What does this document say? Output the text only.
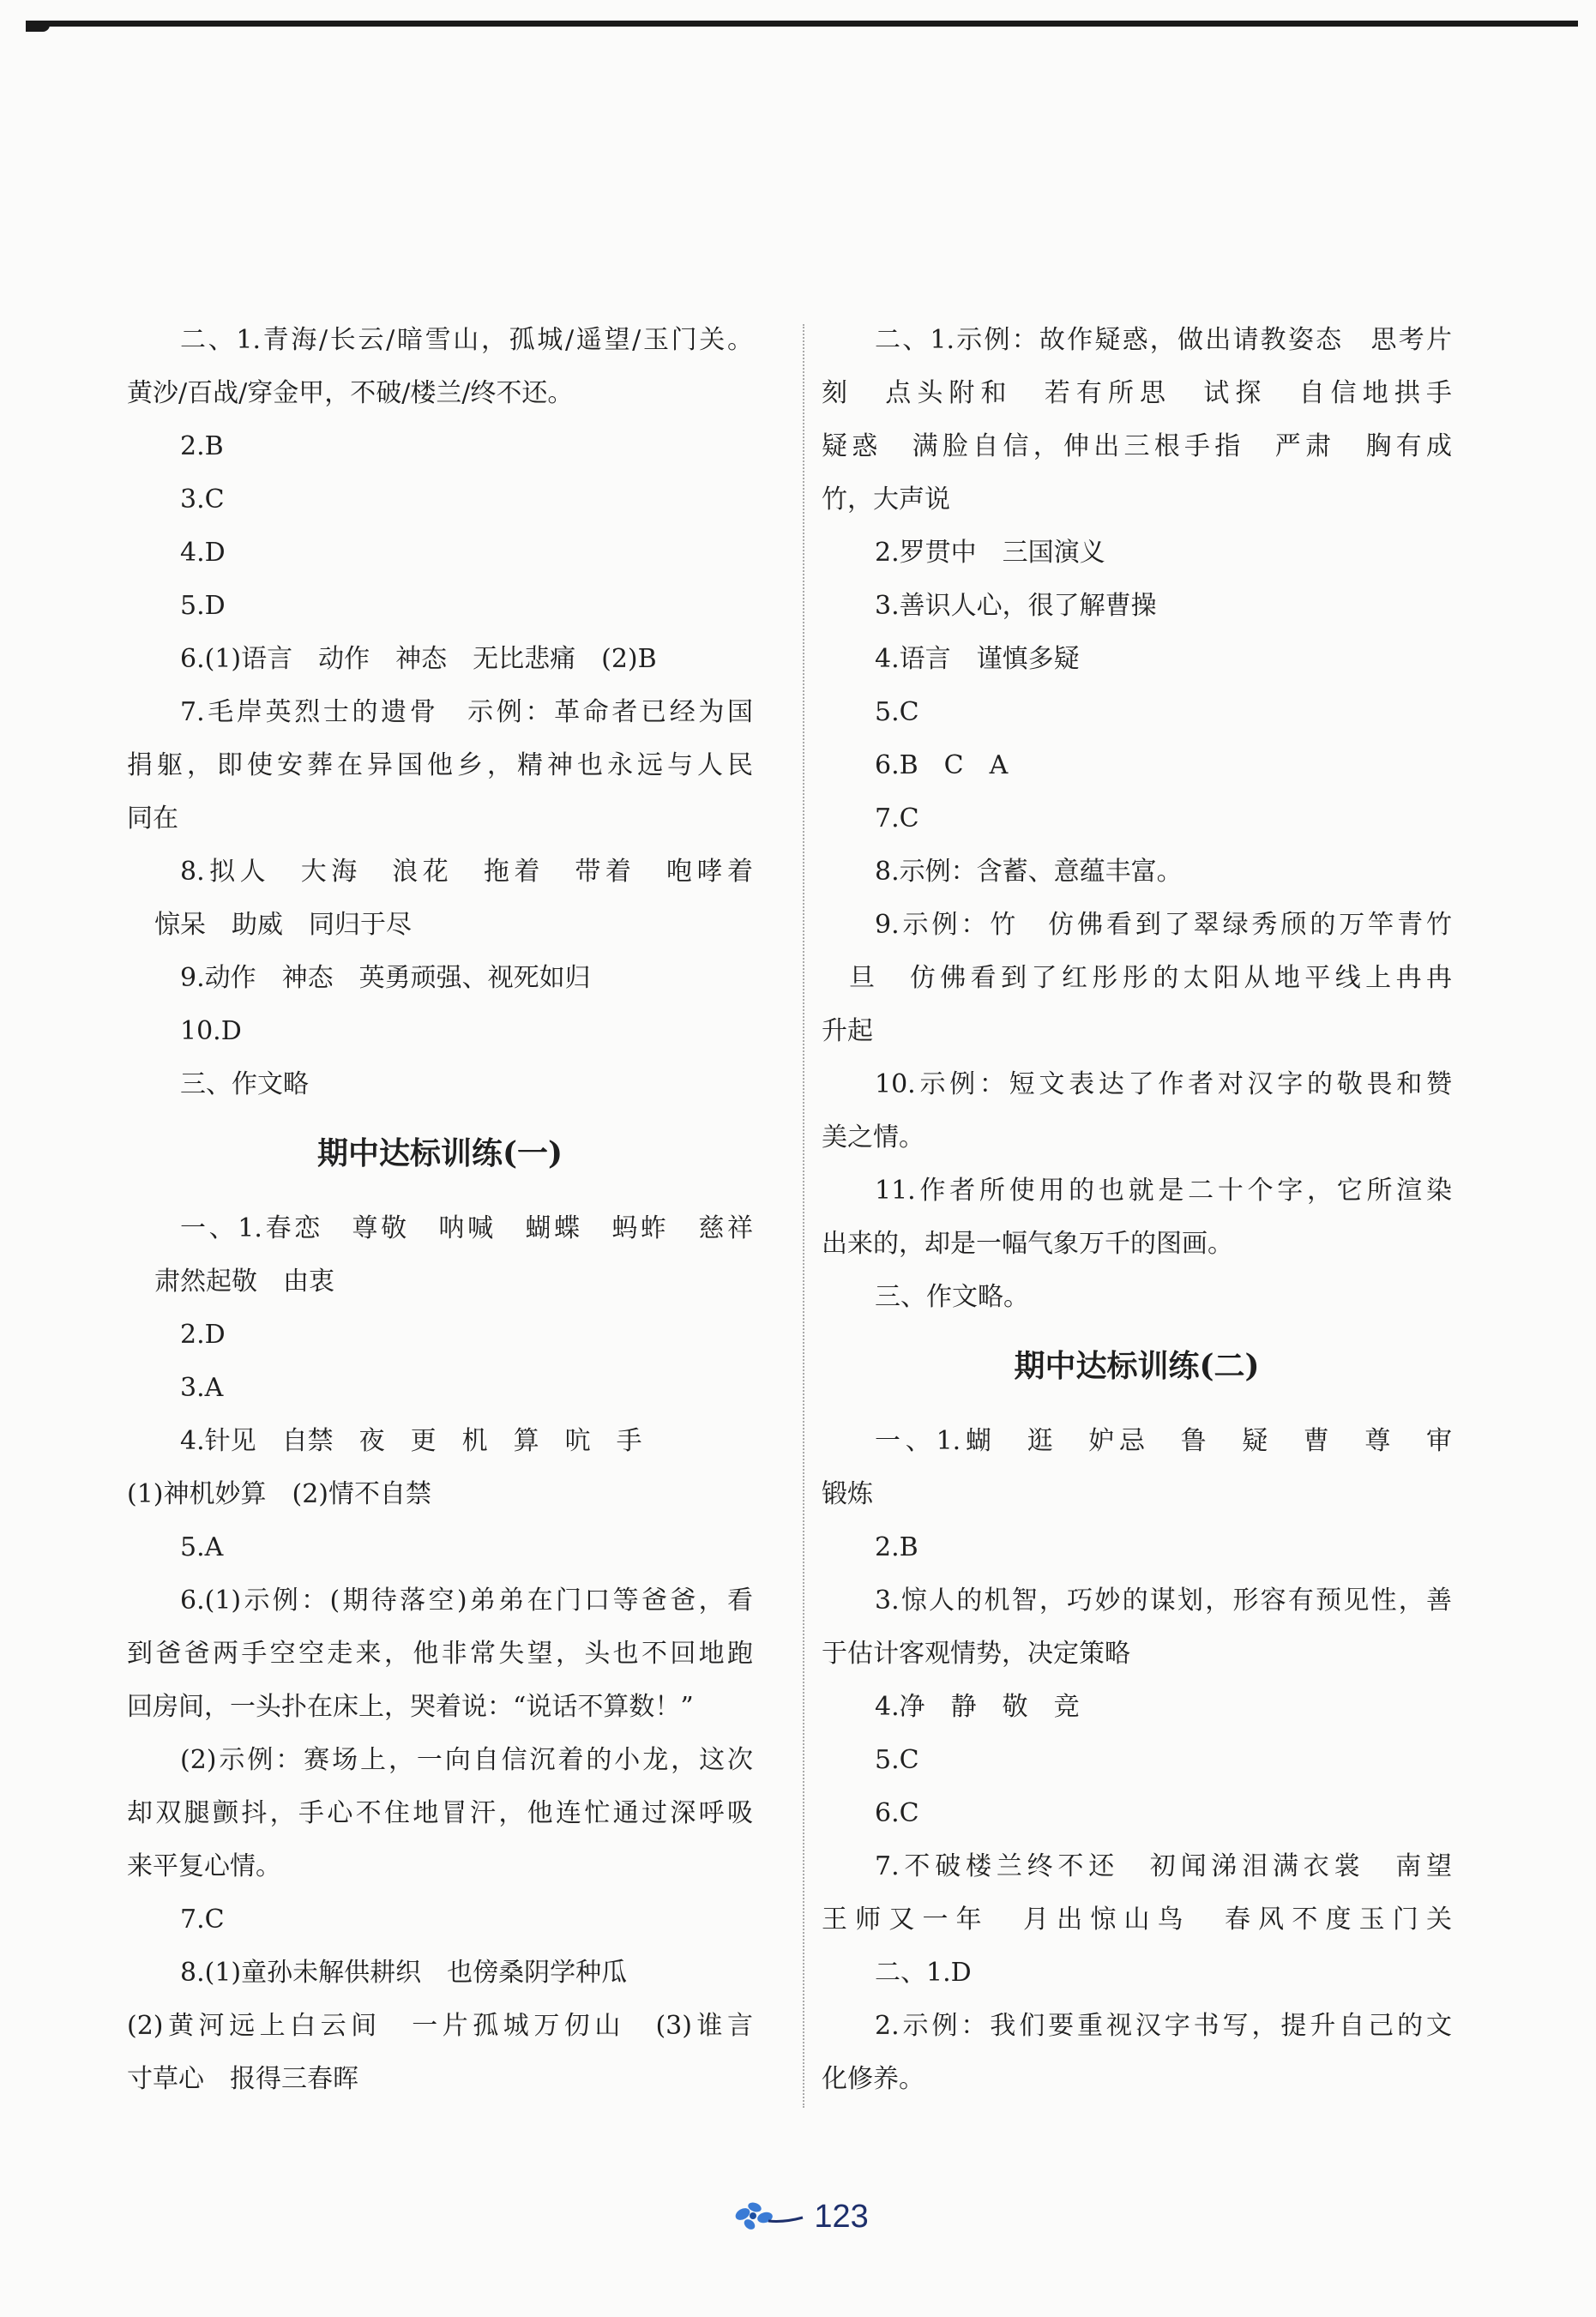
二、1.青海/长云/暗雪山，孤城/遥望/玉门关。
黄沙/百战/穿金甲，不破/楼兰/终不还。
2.B
3.C
4.D
5.D
6.(1)语言　动作　神态　无比悲痛　(2)B
7.毛岸英烈士的遗骨　示例：革命者已经为国
捐躯，即使安葬在异国他乡，精神也永远与人民
同在
8.拟人　大海　浪花　拖着　带着　咆哮着
惊呆　助威　同归于尽
9.动作　神态　英勇顽强、视死如归
10.D
三、作文略
期中达标训练(一)
一、1.春恋　尊敬　呐喊　蝴蝶　蚂蚱　慈祥
肃然起敬　由衷
2.D
3.A
4.针见　自禁　夜　更　机　算　吭　手
(1)神机妙算　(2)情不自禁
5.A
6.(1)示例：(期待落空)弟弟在门口等爸爸，看
到爸爸两手空空走来，他非常失望，头也不回地跑
回房间，一头扑在床上，哭着说：“说话不算数！”
(2)示例：赛场上，一向自信沉着的小龙，这次
却双腿颤抖，手心不住地冒汗，他连忙通过深呼吸
来平复心情。
7.C
8.(1)童孙未解供耕织　也傍桑阴学种瓜
(2)黄河远上白云间　一片孤城万仞山　(3)谁言
寸草心　报得三春晖
二、1.示例：故作疑惑，做出请教姿态　思考片
刻　点头附和　若有所思　试探　自信地拱手
疑惑　满脸自信，伸出三根手指　严肃　胸有成
竹，大声说
2.罗贯中　三国演义
3.善识人心，很了解曹操
4.语言　谨慎多疑
5.C
6.B　C　A
7.C
8.示例：含蓄、意蕴丰富。
9.示例：竹　仿佛看到了翠绿秀颀的万竿青竹
旦　仿佛看到了红彤彤的太阳从地平线上冉冉
升起
10.示例：短文表达了作者对汉字的敬畏和赞
美之情。
11.作者所使用的也就是二十个字，它所渲染
出来的，却是一幅气象万千的图画。
三、作文略。
期中达标训练(二)
一、1.蝴　逛　妒忌　鲁　疑　曹　尊　审
锻炼
2.B
3.惊人的机智，巧妙的谋划，形容有预见性，善
于估计客观情势，决定策略
4.净　静　敬　竞
5.C
6.C
7.不破楼兰终不还　初闻涕泪满衣裳　南望
王师又一年　月出惊山鸟　春风不度玉门关
二、1.D
2.示例：我们要重视汉字书写，提升自己的文
化修养。
123
